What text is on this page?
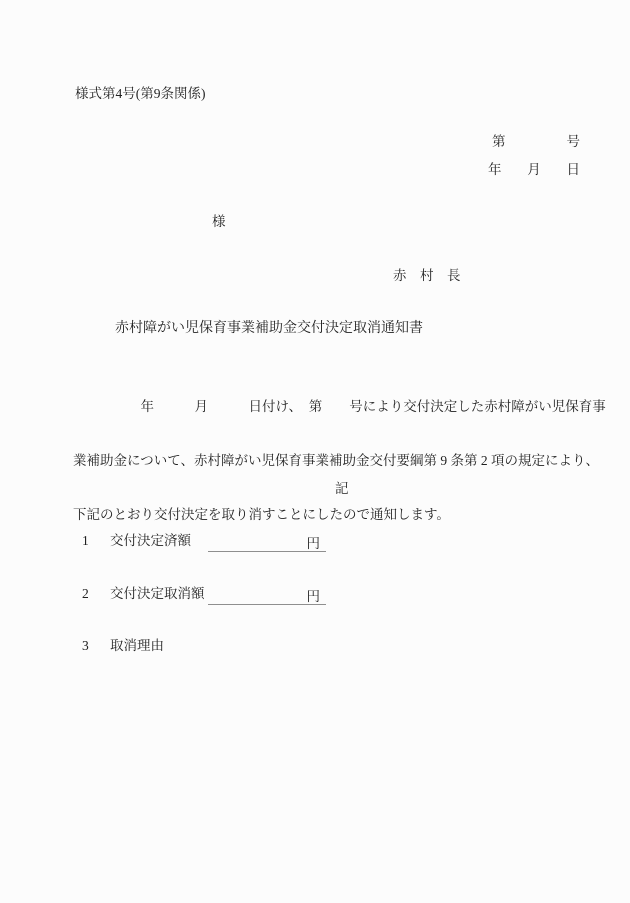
様式第4号(第9条関係)
第	号
年 月 日
様
赤　村　長
赤村障がい児保育事業補助金交付決定取消通知書

　　　　　年　　　月　　　日付け、　第　　号により交付決定した赤村障がい児保育事

業補助金について、赤村障がい児保育事業補助金交付要綱第 9 条第 2 項の規定により、

下記のとおり交付決定を取り消すことにしたので通知します。

記

1

交付決定済額

	円

2

交付決定取消額

	円

3

取消理由
